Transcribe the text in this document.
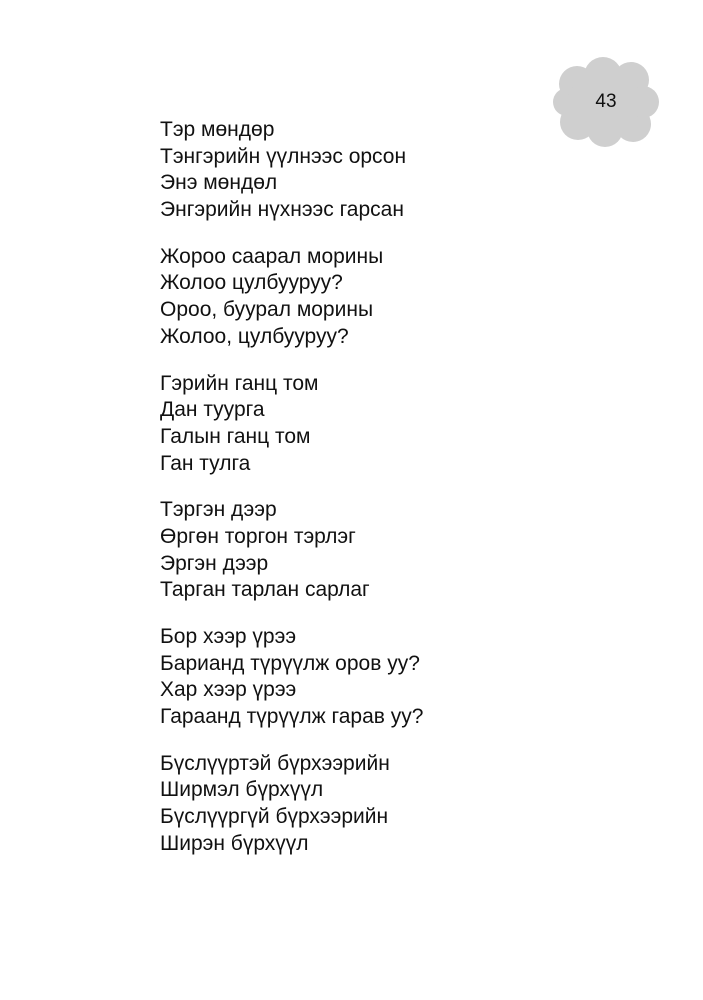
43
Тэр мөндөр
Тэнгэрийн үүлнээс орсон
Энэ мөндөл
Энгэрийн нүхнээс гарсан
Жороо саарал морины
Жолоо цулбууруу?
Ороо, буурал морины
Жолоо, цулбууруу?
Гэрийн ганц том
Дан туурга
Галын ганц том
Ган тулга
Тэргэн дээр
Өргөн торгон тэрлэг
Эргэн дээр
Тарган тарлан сарлаг
Бор хээр үрээ
Барианд түрүүлж оров уу?
Хар хээр үрээ
Гараанд түрүүлж гарав уу?
Бүслүүртэй бүрхээрийн
Ширмэл бүрхүүл
Бүслүүргүй бүрхээрийн
Ширэн бүрхүүл
